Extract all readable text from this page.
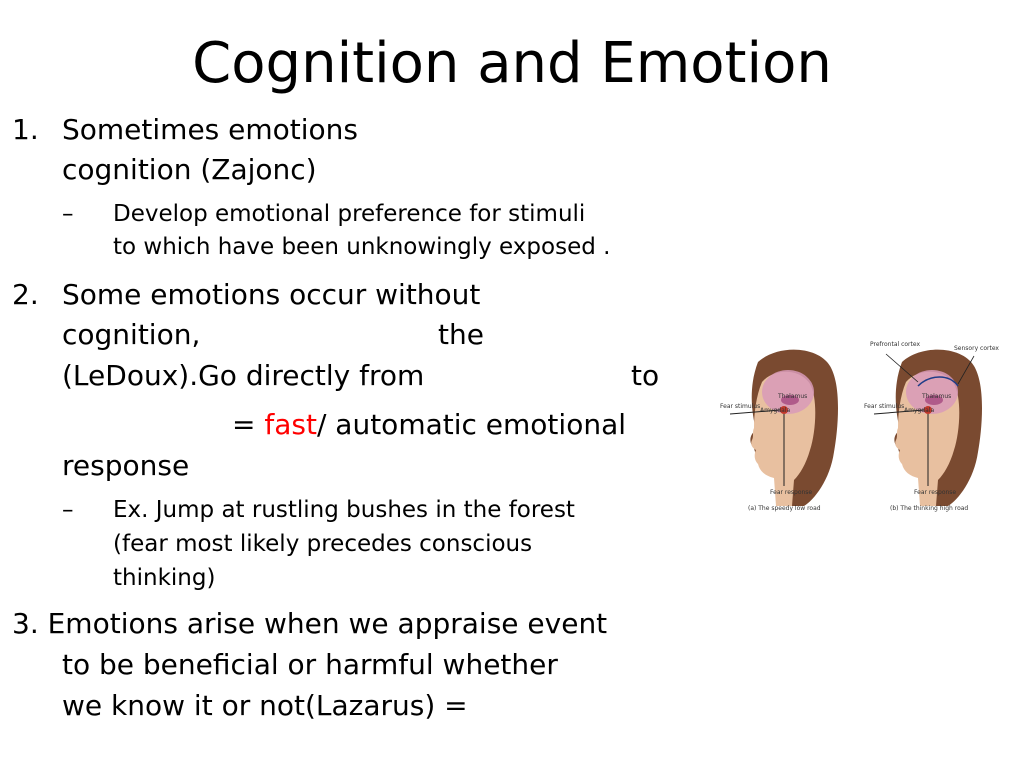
Cognition and Emotion
1. Sometimes emotions
cognition (Zajonc)
– Develop emotional preference for stimuli
to which have been unknowingly exposed .
2. Some emotions occur without
cognition,	the
(LeDoux).Go directly from	to
= fast/ automatic emotional
response
– Ex. Jump at rustling bushes in the forest
(fear most likely precedes conscious
thinking)
3. Emotions arise when we appraise event
to be beneficial or harmful whether
we know it or not(Lazarus) =
Thalamus
Amygdala
Fear stimulus
Fear response
(a) The speedy low road
Prefrontal cortex
Sensory cortex
Thalamus
Amygdala
Fear stimulus
Fear response
(b) The thinking high road
